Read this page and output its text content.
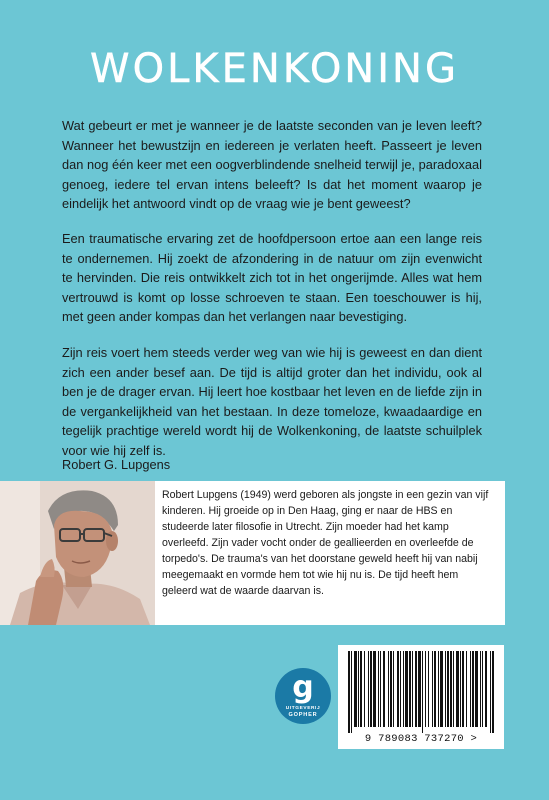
WOLKENKONING

Wat gebeurt er met je wanneer je de laatste seconden van je leven leeft? Wanneer het bewustzijn en iedereen je verlaten heeft. Passeert je leven dan nog één keer met een oogverblindende snelheid terwijl je, paradoxaal genoeg, iedere tel ervan intens beleeft? Is dat het moment waarop je eindelijk het antwoord vindt op de vraag wie je bent geweest?

Een traumatische ervaring zet de hoofdpersoon ertoe aan een lange reis te ondernemen. Hij zoekt de afzondering in de natuur om zijn evenwicht te hervinden. Die reis ontwikkelt zich tot in het ongerijmde. Alles wat hem vertrouwd is komt op losse schroeven te staan. Een toeschouwer is hij, met geen ander kompas dan het verlangen naar bevestiging.

Zijn reis voert hem steeds verder weg van wie hij is geweest en dan dient zich een ander besef aan. De tijd is altijd groter dan het individu, ook al ben je de drager ervan. Hij leert hoe kostbaar het leven en de liefde zijn in de vergankelijkheid van het bestaan. In deze tomeloze, kwaadaardige en tegelijk prachtige wereld wordt hij de Wolkenkoning, de laatste schuilplek voor wie hij zelf is.

Robert G. Lupgens

Robert Lupgens (1949) werd geboren als jongste in een gezin van vijf kinderen. Hij groeide op in Den Haag, ging er naar de HBS en studeerde later filosofie in Utrecht. Zijn moeder had het kamp overleefd. Zijn vader vocht onder de geallieerden en overleefde de torpedo's. De trauma's van het doorstane geweld heeft hij van nabij meegemaakt en vormde hem tot wie hij nu is. De tijd heeft hem geleerd wat de waarde daarvan is.

g
UITGEVERIJ
GOPHER
9 789083 737270 >
